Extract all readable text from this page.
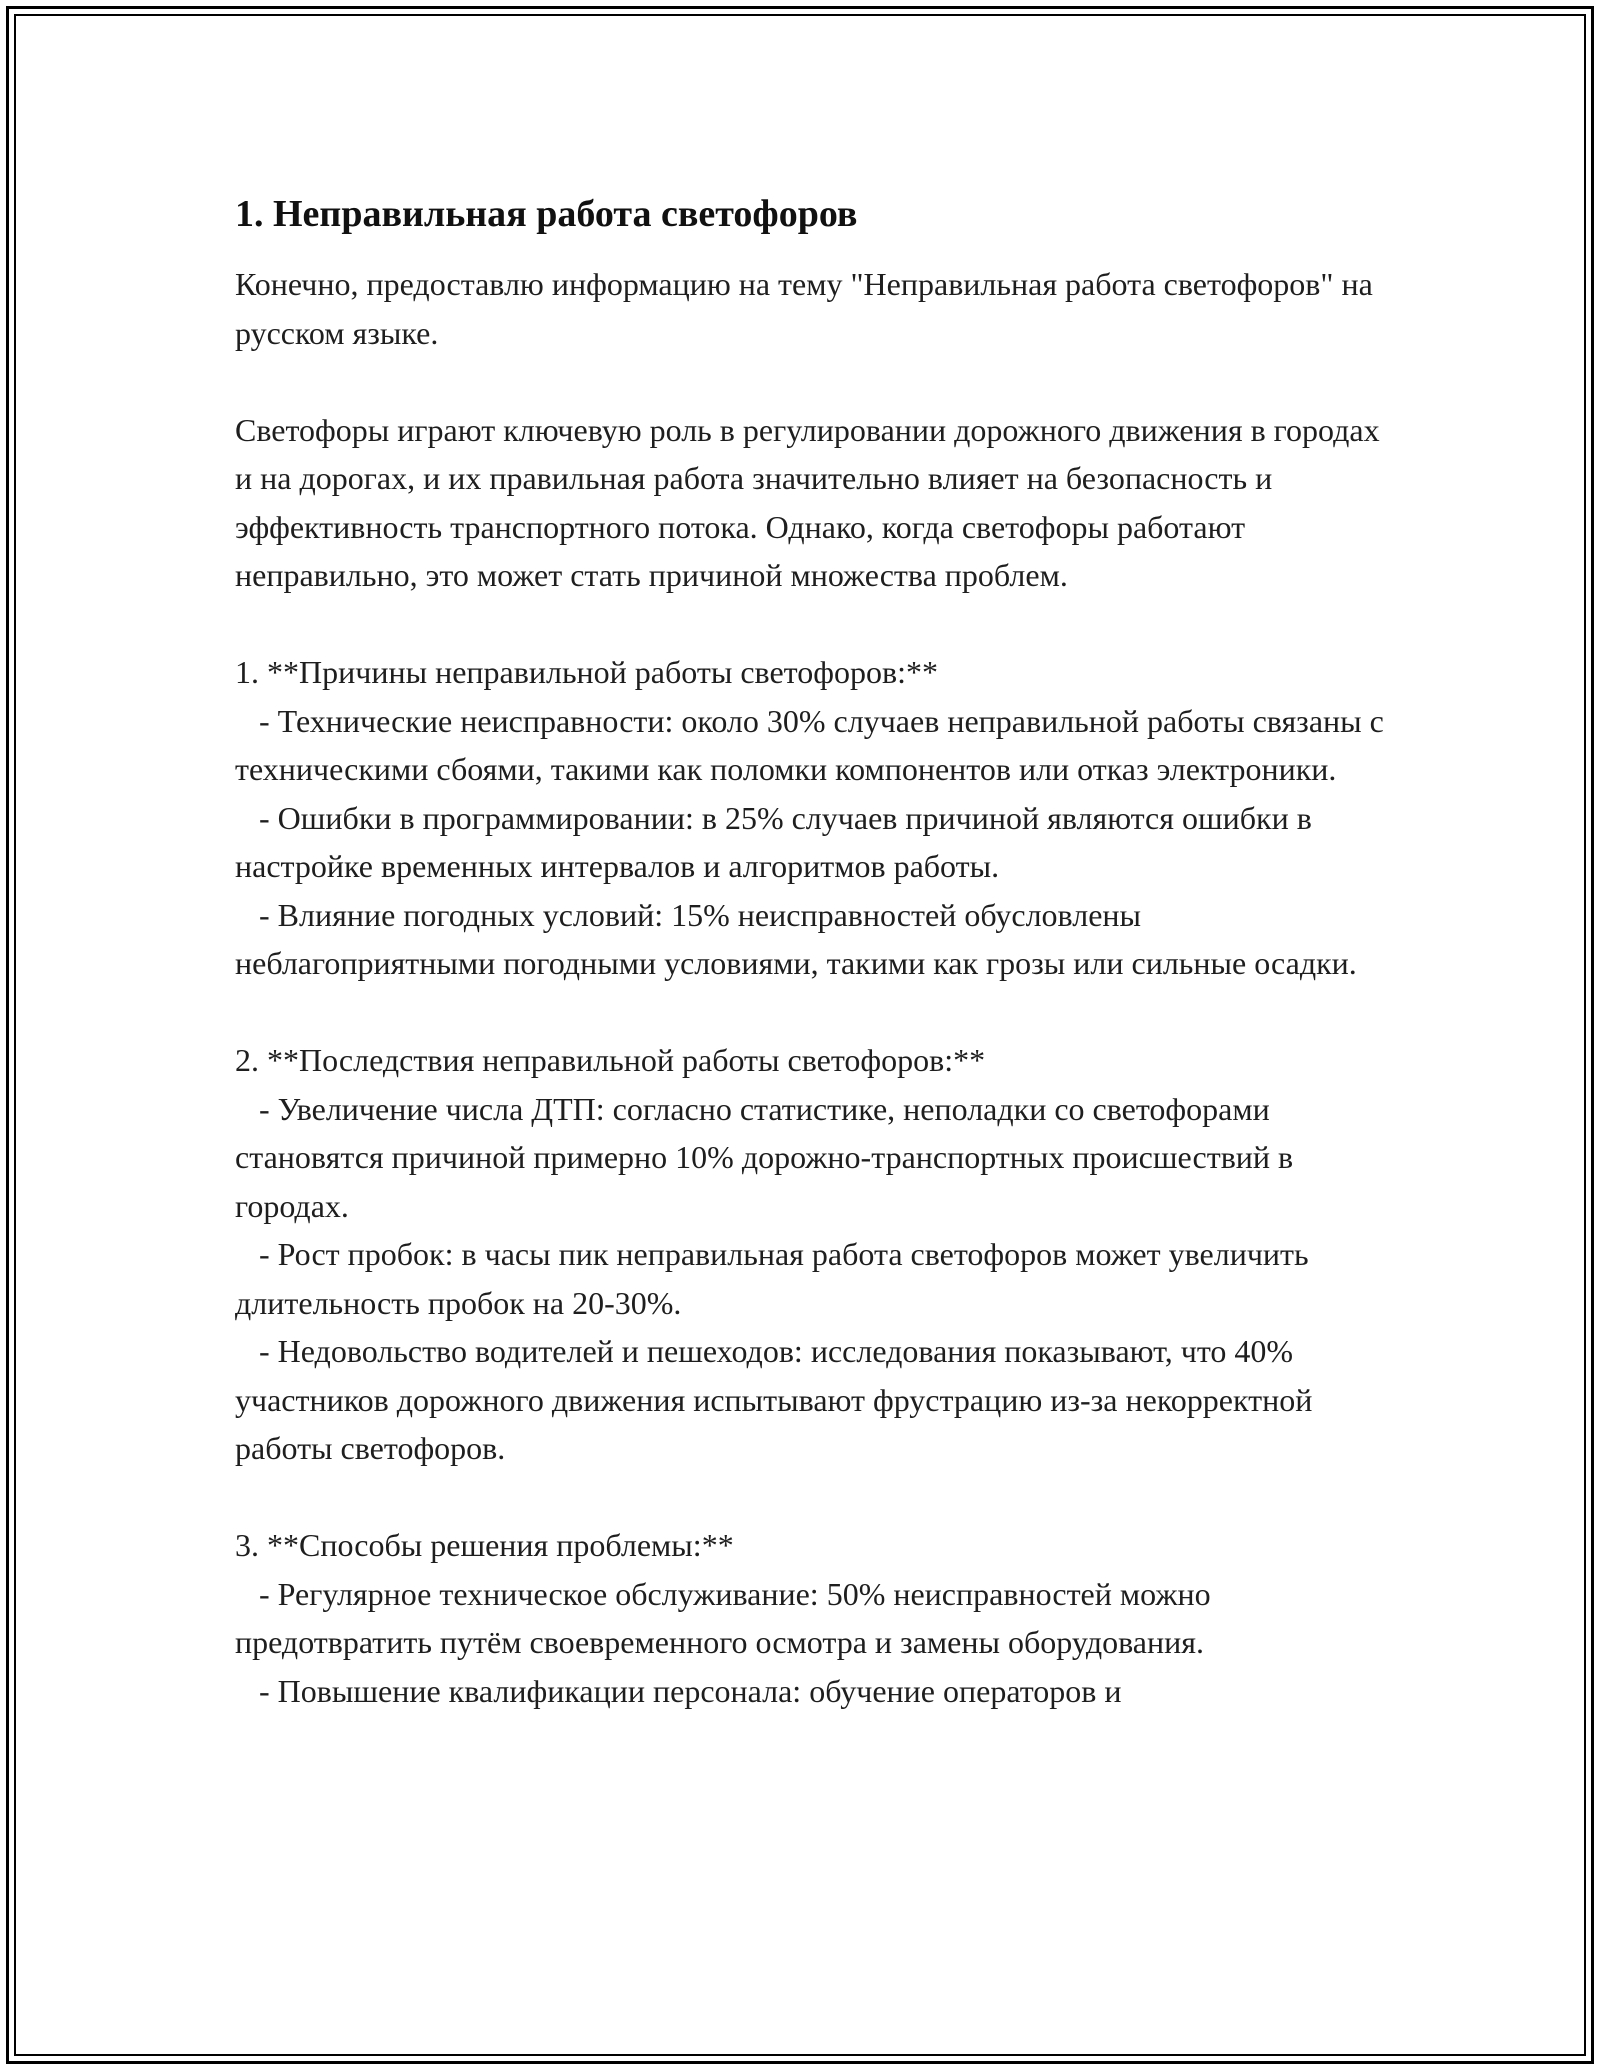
1. Неправильная работа светофоров

Конечно, предоставлю информацию на тему "Неправильная работа светофоров" на русском языке.

Светофоры играют ключевую роль в регулировании дорожного движения в городах и на дорогах, и их правильная работа значительно влияет на безопасность и эффективность транспортного потока. Однако, когда светофоры работают неправильно, это может стать причиной множества проблем.

1. **Причины неправильной работы светофоров:**
- Технические неисправности: около 30% случаев неправильной работы связаны с техническими сбоями, такими как поломки компонентов или отказ электроники.
- Ошибки в программировании: в 25% случаев причиной являются ошибки в настройке временных интервалов и алгоритмов работы.
- Влияние погодных условий: 15% неисправностей обусловлены неблагоприятными погодными условиями, такими как грозы или сильные осадки.
2. **Последствия неправильной работы светофоров:**
- Увеличение числа ДТП: согласно статистике, неполадки со светофорами становятся причиной примерно 10% дорожно-транспортных происшествий в городах.
- Рост пробок: в часы пик неправильная работа светофоров может увеличить длительность пробок на 20-30%.
- Недовольство водителей и пешеходов: исследования показывают, что 40% участников дорожного движения испытывают фрустрацию из-за некорректной работы светофоров.
3. **Способы решения проблемы:**
- Регулярное техническое обслуживание: 50% неисправностей можно предотвратить путём своевременного осмотра и замены оборудования.
- Повышение квалификации персонала: обучение операторов и
